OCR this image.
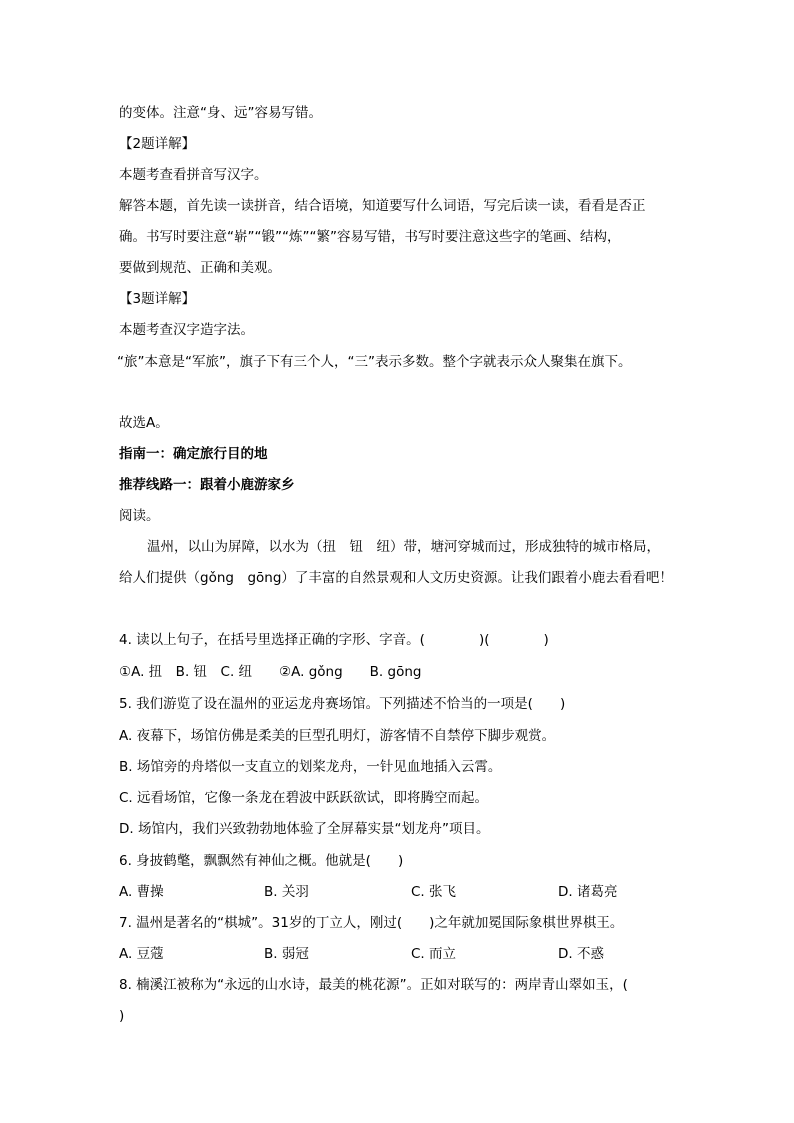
的变体。注意“身、远”容易写错。
【2题详解】
本题考查看拼音写汉字。
解答本题，首先读一读拼音，结合语境，知道要写什么词语，写完后读一读，看看是否正
确。书写时要注意“崭”“锻”“炼”“繁”容易写错，书写时要注意这些字的笔画、结构，
要做到规范、正确和美观。
【3题详解】
本题考查汉字造字法。
“旅”本意是“军旅”，旗子下有三个人，“三”表示多数。整个字就表示众人聚集在旗下。
故选A。
指南一：确定旅行目的地
推荐线路一：跟着小鹿游家乡
阅读。
温州，以山为屏障，以水为（扭　钮　纽）带，塘河穿城而过，形成独特的城市格局，
给人们提供（gǒng　gōng）了丰富的自然景观和人文历史资源。让我们跟着小鹿去看看吧！
4. 读以上句子，在括号里选择正确的字形、字音。(　　　　)(　　　　)
①A. 扭　B. 钮　C. 纽　　②A. gǒng　　B. gōng
5. 我们游览了设在温州的亚运龙舟赛场馆。下列描述不恰当的一项是(　　)
A. 夜幕下，场馆仿佛是柔美的巨型孔明灯，游客情不自禁停下脚步观赏。
B. 场馆旁的舟塔似一支直立的划桨龙舟，一针见血地插入云霄。
C. 远看场馆，它像一条龙在碧波中跃跃欲试，即将腾空而起。
D. 场馆内，我们兴致勃勃地体验了全屏幕实景“划龙舟”项目。
6. 身披鹤氅，飘飘然有神仙之概。他就是(　　)
A. 曹操	B. 关羽	C. 张飞	D. 诸葛亮
7. 温州是著名的“棋城”。31岁的丁立人，刚过(　　)之年就加冕国际象棋世界棋王。
A. 豆蔻	B. 弱冠	C. 而立	D. 不惑
8. 楠溪江被称为“永远的山水诗，最美的桃花源”。正如对联写的：两岸青山翠如玉，(
)
